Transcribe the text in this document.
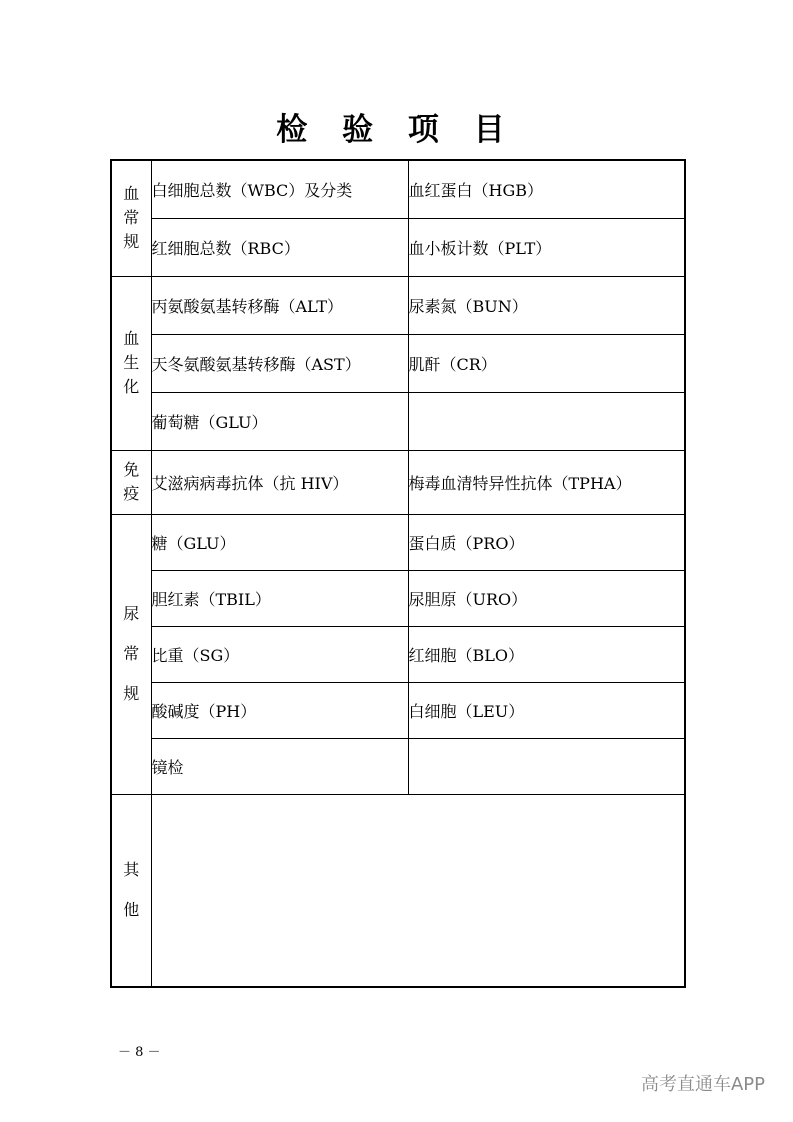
检 验 项 目
血
常
规	白细胞总数（WBC）及分类	血红蛋白（HGB）
	红细胞总数（RBC）	血小板计数（PLT）

血
生
化	丙氨酸氨基转移酶（ALT）	尿素氮（BUN）
	天冬氨酸氨基转移酶（AST）	肌酐（CR）
	葡萄糖（GLU）	

免
疫	艾滋病病毒抗体（抗 HIV）	梅毒血清特异性抗体（TPHA）

尿
常
规	糖（GLU）	蛋白质（PRO）
	胆红素（TBIL）	尿胆原（URO）
	比重（SG）	红细胞（BLO）
	酸碱度（PH）	白细胞（LEU）
	镜检	

其
他		

－ 8 －
高考直通车APP
